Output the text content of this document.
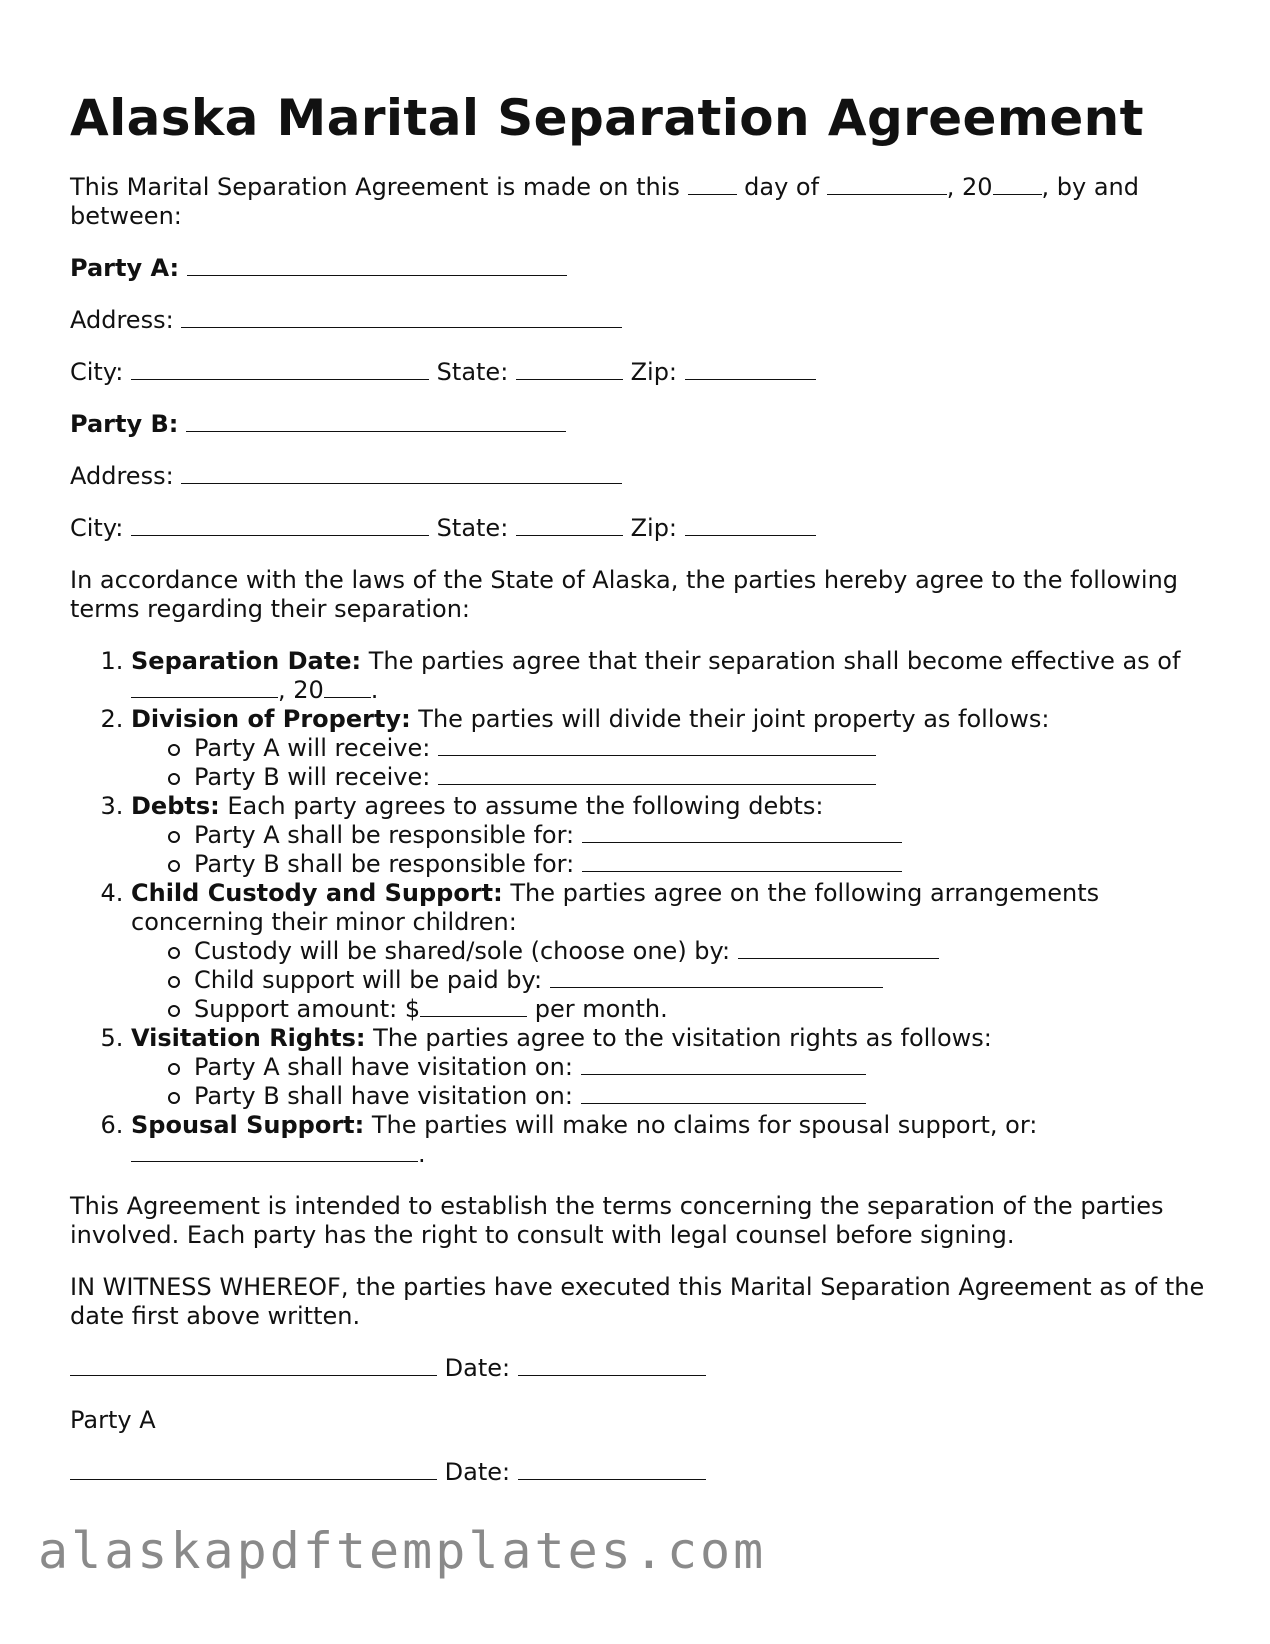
Alaska Marital Separation Agreement

This Marital Separation Agreement is made on this  day of	, 20 , by and between:

Party A:

Address:

City:	State:	Zip:

Party B:

Address:

City:	State:	Zip:

In accordance with the laws of the State of Alaska, the parties hereby agree to the following terms regarding their separation:

1. Separation Date: The parties agree that their separation shall become effective as of , 20 .
2. Division of Property: The parties will divide their joint property as follows:
Party A will receive:
Party B will receive:
3. Debts: Each party agrees to assume the following debts:
Party A shall be responsible for:
Party B shall be responsible for:
4. Child Custody and Support: The parties agree on the following arrangements concerning their minor children:
Custody will be shared/sole (choose one) by:
Child support will be paid by:
Support amount: $	per month.
5. Visitation Rights: The parties agree to the visitation rights as follows:
Party A shall have visitation on:
Party B shall have visitation on:
6. Spousal Support: The parties will make no claims for spousal support, or: .

This Agreement is intended to establish the terms concerning the separation of the parties involved. Each party has the right to consult with legal counsel before signing.

IN WITNESS WHEREOF, the parties have executed this Marital Separation Agreement as of the date first above written.

Date:

Party A

Date:

alaskapdftemplates.com
